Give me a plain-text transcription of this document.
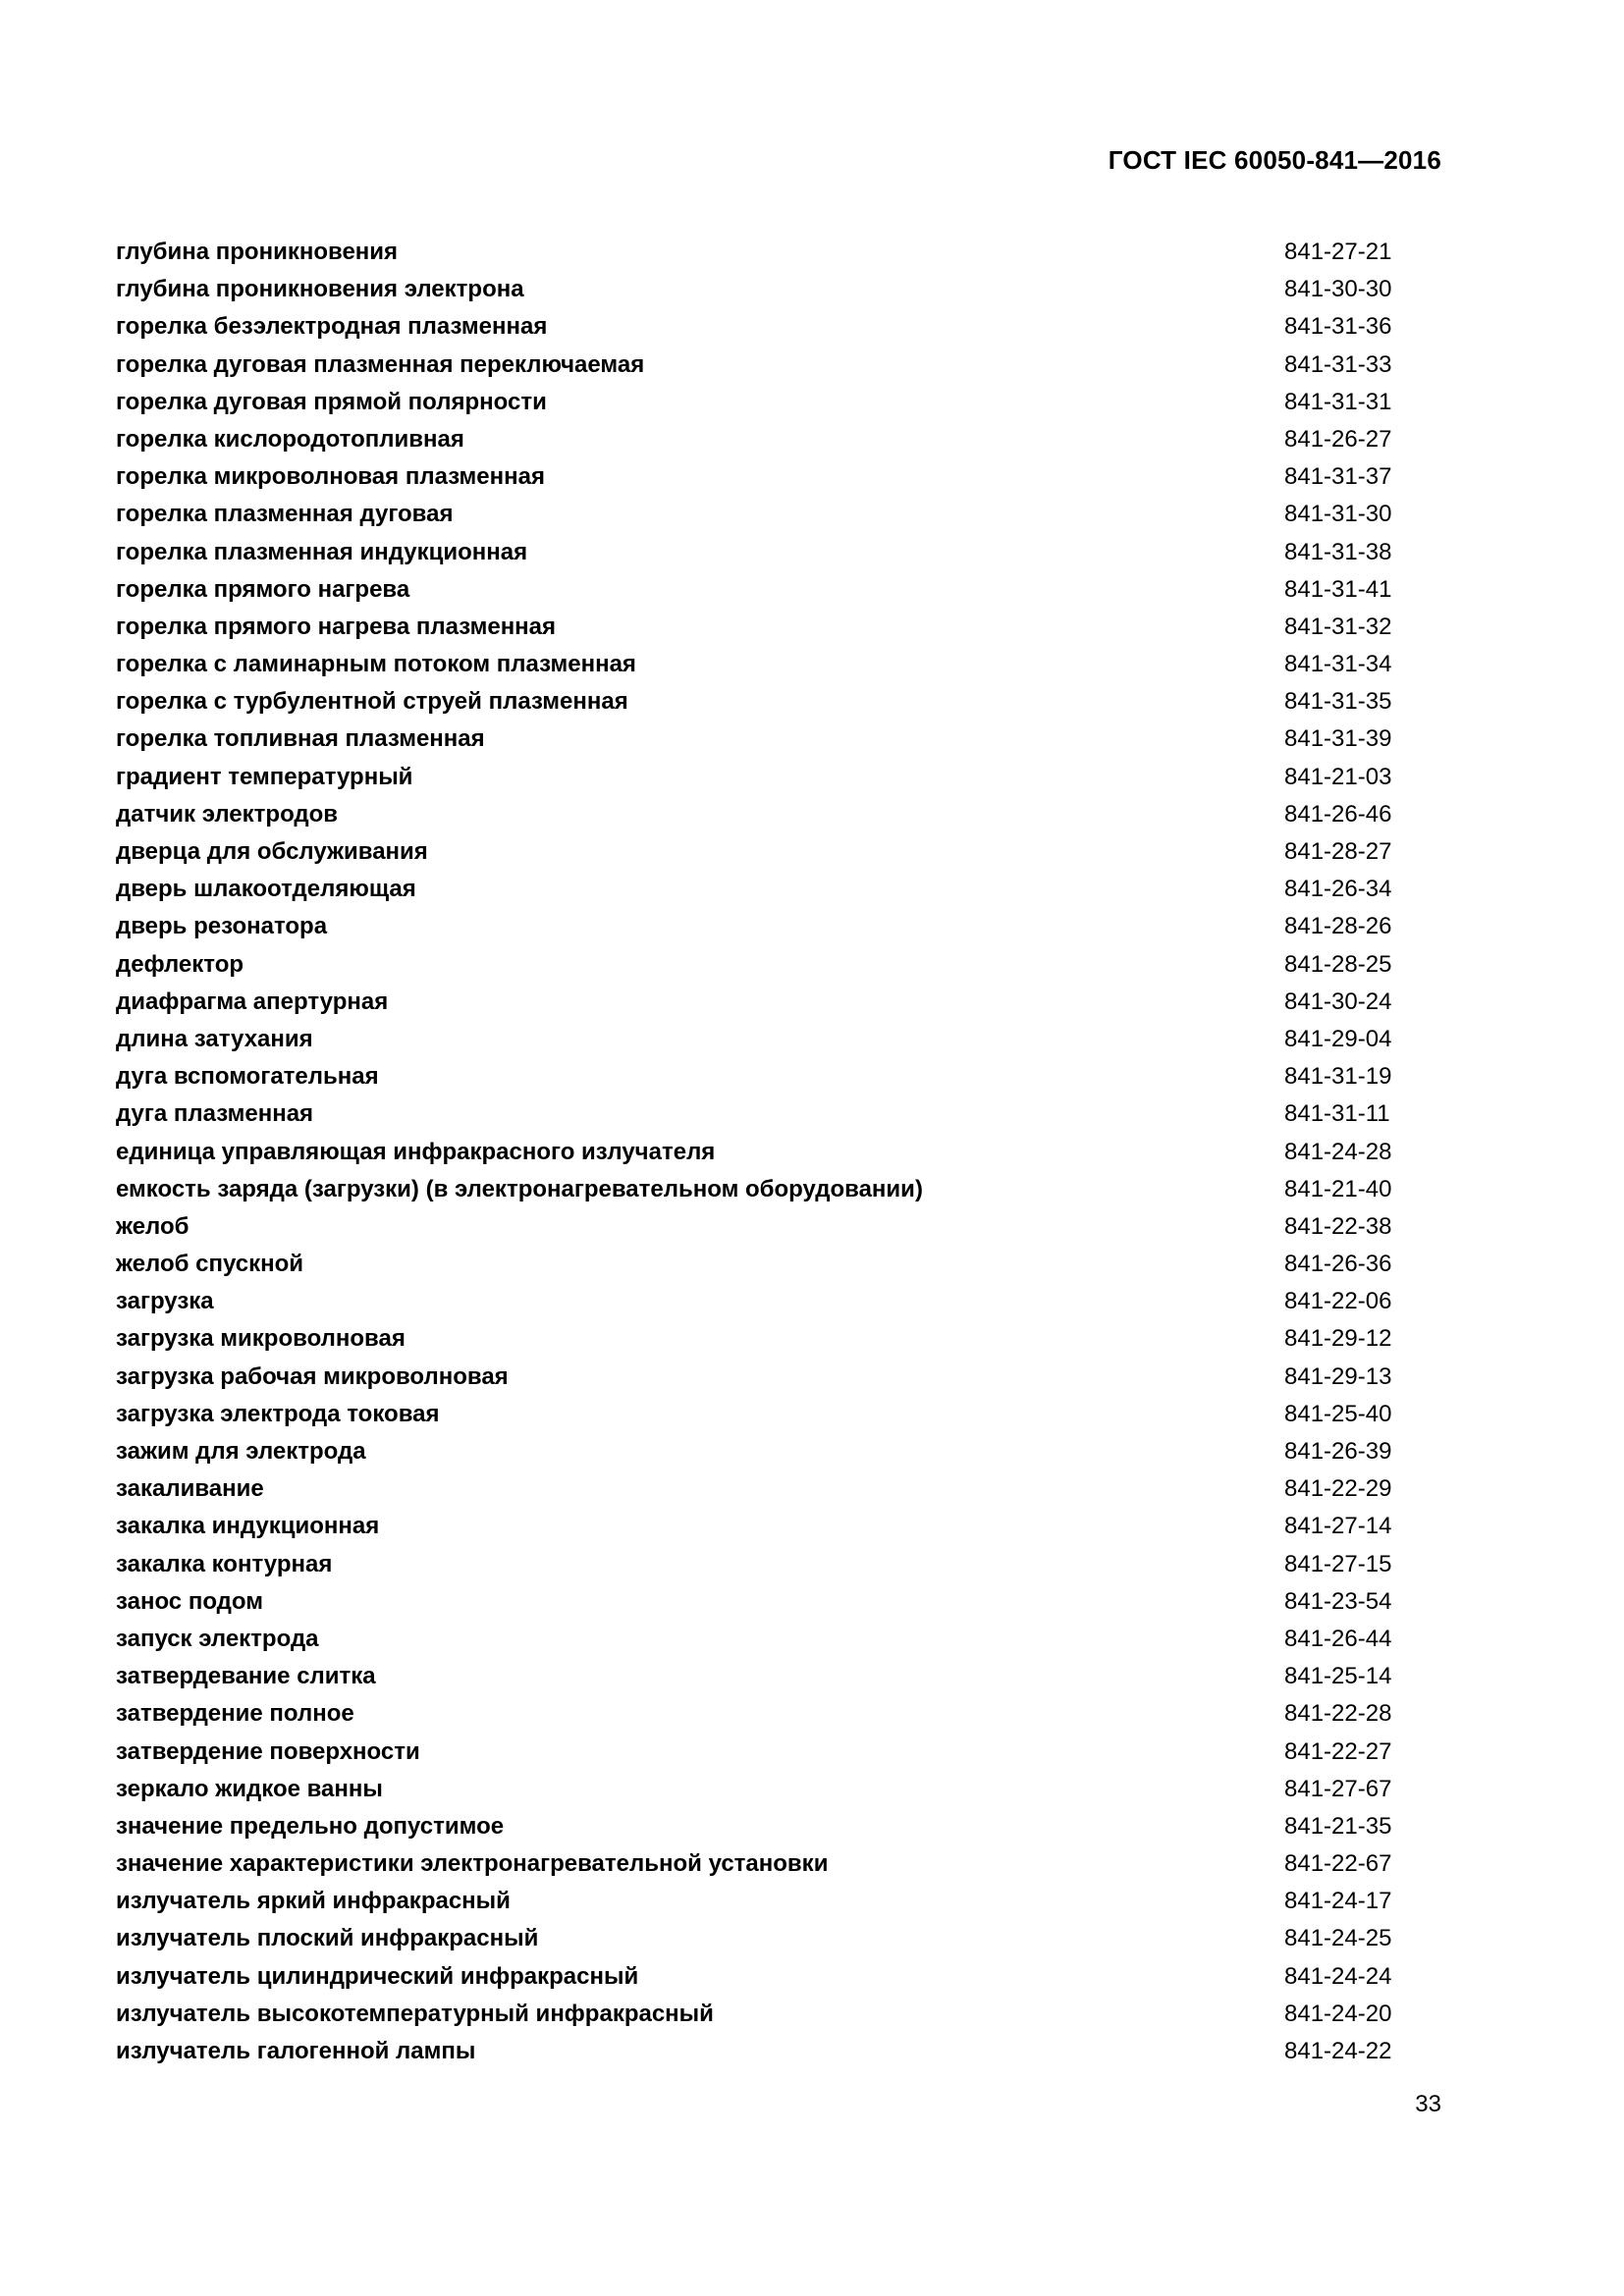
ГОСТ IEC 60050-841—2016
глубина проникновения	841-27-21
глубина проникновения электрона	841-30-30
горелка безэлектродная плазменная	841-31-36
горелка дуговая плазменная переключаемая	841-31-33
горелка дуговая прямой полярности	841-31-31
горелка кислородотопливная	841-26-27
горелка микроволновая плазменная	841-31-37
горелка плазменная дуговая	841-31-30
горелка плазменная индукционная	841-31-38
горелка прямого нагрева	841-31-41
горелка прямого нагрева плазменная	841-31-32
горелка с ламинарным потоком плазменная	841-31-34
горелка с турбулентной струей плазменная	841-31-35
горелка топливная плазменная	841-31-39
градиент температурный	841-21-03
датчик электродов	841-26-46
дверца для обслуживания	841-28-27
дверь шлакоотделяющая	841-26-34
дверь резонатора	841-28-26
дефлектор	841-28-25
диафрагма апертурная	841-30-24
длина затухания	841-29-04
дуга вспомогательная	841-31-19
дуга плазменная	841-31-11
единица управляющая инфракрасного излучателя	841-24-28
емкость заряда (загрузки) (в электронагревательном оборудовании)	841-21-40
желоб	841-22-38
желоб спускной	841-26-36
загрузка	841-22-06
загрузка микроволновая	841-29-12
загрузка рабочая микроволновая	841-29-13
загрузка электрода токовая	841-25-40
зажим для электрода	841-26-39
закаливание	841-22-29
закалка индукционная	841-27-14
закалка контурная	841-27-15
занос подом	841-23-54
запуск электрода	841-26-44
затвердевание слитка	841-25-14
затвердение полное	841-22-28
затвердение поверхности	841-22-27
зеркало жидкое ванны	841-27-67
значение предельно допустимое	841-21-35
значение характеристики электронагревательной установки	841-22-67
излучатель яркий инфракрасный	841-24-17
излучатель плоский инфракрасный	841-24-25
излучатель цилиндрический инфракрасный	841-24-24
излучатель высокотемпературный инфракрасный	841-24-20
излучатель галогенной лампы	841-24-22
33
